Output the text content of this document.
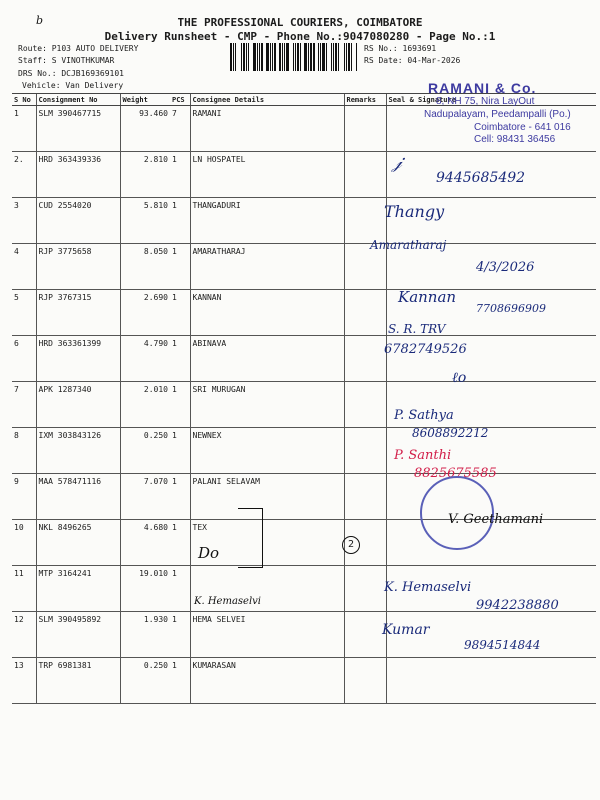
b	THE PROFESSIONAL COURIERS, COIMBATORE
Delivery Runsheet - CMP - Phone No.:9047080280 - Page No.:1
Route: P103 AUTO DELIVERY
Staff: S VINOTHKUMAR
DRS No.: DCJB169369101
Vehicle: Van Delivery
RS No.: 1693691
RS Date: 04-Mar-2026
S No	Consignment No	Weight	PCS	Consignee Details	Remarks	Seal & Signature
1	SLM 390467715	93.460	7	RAMANI		
2.	HRD 363439336	2.810	1	LN HOSPATEL		
3	CUD 2554020	5.810	1	THANGADURI		
4	RJP 3775658	8.050	1	AMARATHARAJ		
5	RJP 3767315	2.690	1	KANNAN		
6	HRD 363361399	4.790	1	ABINAVA		
7	APK 1287340	2.010	1	SRI MURUGAN		
8	IXM 303843126	0.250	1	NEWNEX		
9	MAA 578471116	7.070	1	PALANI SELAVAM		
10	NKL 8496265	4.680	1	TEX		
11	MTP 3164241	19.010	1			
12	SLM 390495892	1.930	1	HEMA SELVEI		
13	TRP 6981381	0.250	1	KUMARASAN		
RAMANI & Co.
8, NH 75, Nira LayOut
Nadupalayam, Peedampalli (Po.)
Coimbatore - 641 016
Cell: 98431 36456
𝒿
9445685492
Thangy
Amaratharaj
4/3/2026
Kannan
7708696909
S. R. TRV
6782749526
ℓo
P. Sathya
8608892212
P. Santhi
8825675585
V. Geethamani
Do	2
K. Hemaselvi
K. Hemaselvi
9942238880
Kumar
9894514844
